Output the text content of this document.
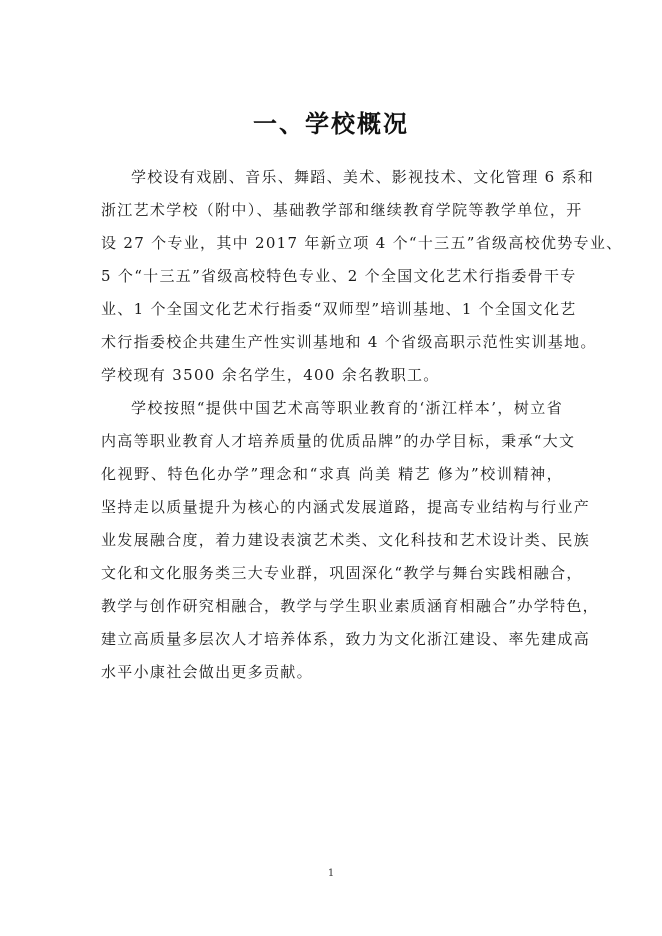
一、学校概况
学校设有戏剧、音乐、舞蹈、美术、影视技术、文化管理 6 系和
浙江艺术学校（附中）、基础教学部和继续教育学院等教学单位，开
设 27 个专业，其中 2017 年新立项 4 个“十三五”省级高校优势专业、
5 个“十三五”省级高校特色专业、2 个全国文化艺术行指委骨干专
业、1 个全国文化艺术行指委“双师型”培训基地、1 个全国文化艺
术行指委校企共建生产性实训基地和 4 个省级高职示范性实训基地。
学校现有 3500 余名学生，400 余名教职工。
学校按照“提供中国艺术高等职业教育的‘浙江样本’，树立省
内高等职业教育人才培养质量的优质品牌”的办学目标，秉承“大文
化视野、特色化办学”理念和“求真 尚美 精艺 修为”校训精神，
坚持走以质量提升为核心的内涵式发展道路，提高专业结构与行业产
业发展融合度，着力建设表演艺术类、文化科技和艺术设计类、民族
文化和文化服务类三大专业群，巩固深化“教学与舞台实践相融合，
教学与创作研究相融合，教学与学生职业素质涵育相融合”办学特色，
建立高质量多层次人才培养体系，致力为文化浙江建设、率先建成高
水平小康社会做出更多贡献。
1
